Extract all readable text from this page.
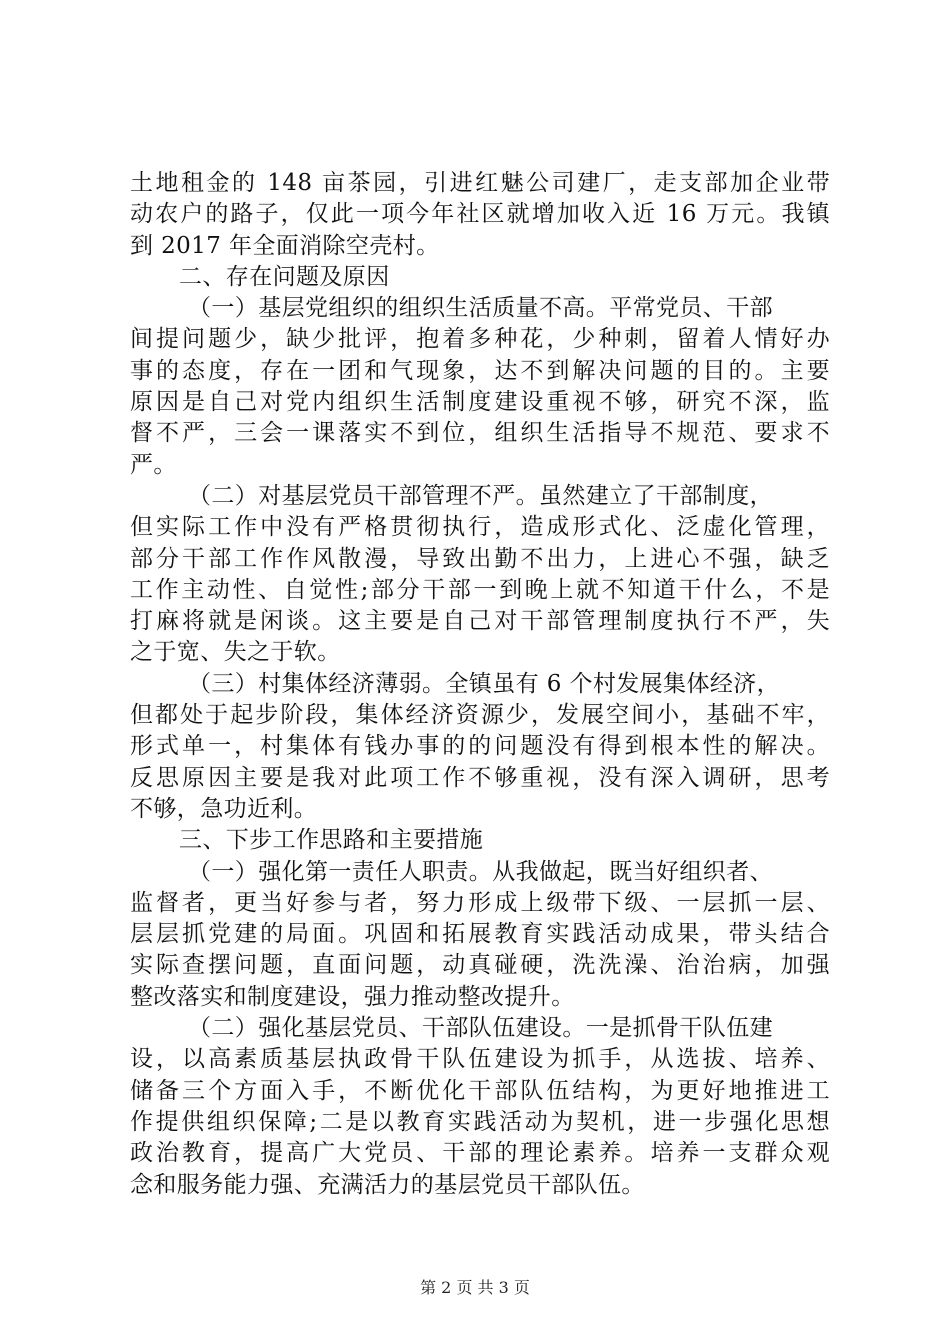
土地租金的 148 亩茶园，引进红魅公司建厂，走支部加企业带
动农户的路子，仅此一项今年社区就增加收入近 16 万元。我镇
到 2017 年全面消除空壳村。
二、存在问题及原因
（一）基层党组织的组织生活质量不高。平常党员、干部
间提问题少，缺少批评，抱着多种花，少种刺，留着人情好办
事的态度，存在一团和气现象，达不到解决问题的目的。主要
原因是自己对党内组织生活制度建设重视不够，研究不深，监
督不严，三会一课落实不到位，组织生活指导不规范、要求不
严。
（二）对基层党员干部管理不严。虽然建立了干部制度，
但实际工作中没有严格贯彻执行，造成形式化、泛虚化管理，
部分干部工作作风散漫，导致出勤不出力，上进心不强，缺乏
工作主动性、自觉性;部分干部一到晚上就不知道干什么，不是
打麻将就是闲谈。这主要是自己对干部管理制度执行不严，失
之于宽、失之于软。
（三）村集体经济薄弱。全镇虽有 6 个村发展集体经济，
但都处于起步阶段，集体经济资源少，发展空间小，基础不牢，
形式单一，村集体有钱办事的的问题没有得到根本性的解决。
反思原因主要是我对此项工作不够重视，没有深入调研，思考
不够，急功近利。
三、下步工作思路和主要措施
（一）强化第一责任人职责。从我做起，既当好组织者、
监督者，更当好参与者，努力形成上级带下级、一层抓一层、
层层抓党建的局面。巩固和拓展教育实践活动成果，带头结合
实际查摆问题，直面问题，动真碰硬，洗洗澡、治治病，加强
整改落实和制度建设，强力推动整改提升。
（二）强化基层党员、干部队伍建设。一是抓骨干队伍建
设，以高素质基层执政骨干队伍建设为抓手，从选拔、培养、
储备三个方面入手，不断优化干部队伍结构，为更好地推进工
作提供组织保障;二是以教育实践活动为契机，进一步强化思想
政治教育，提高广大党员、干部的理论素养。培养一支群众观
念和服务能力强、充满活力的基层党员干部队伍。
第 2 页 共 3 页
